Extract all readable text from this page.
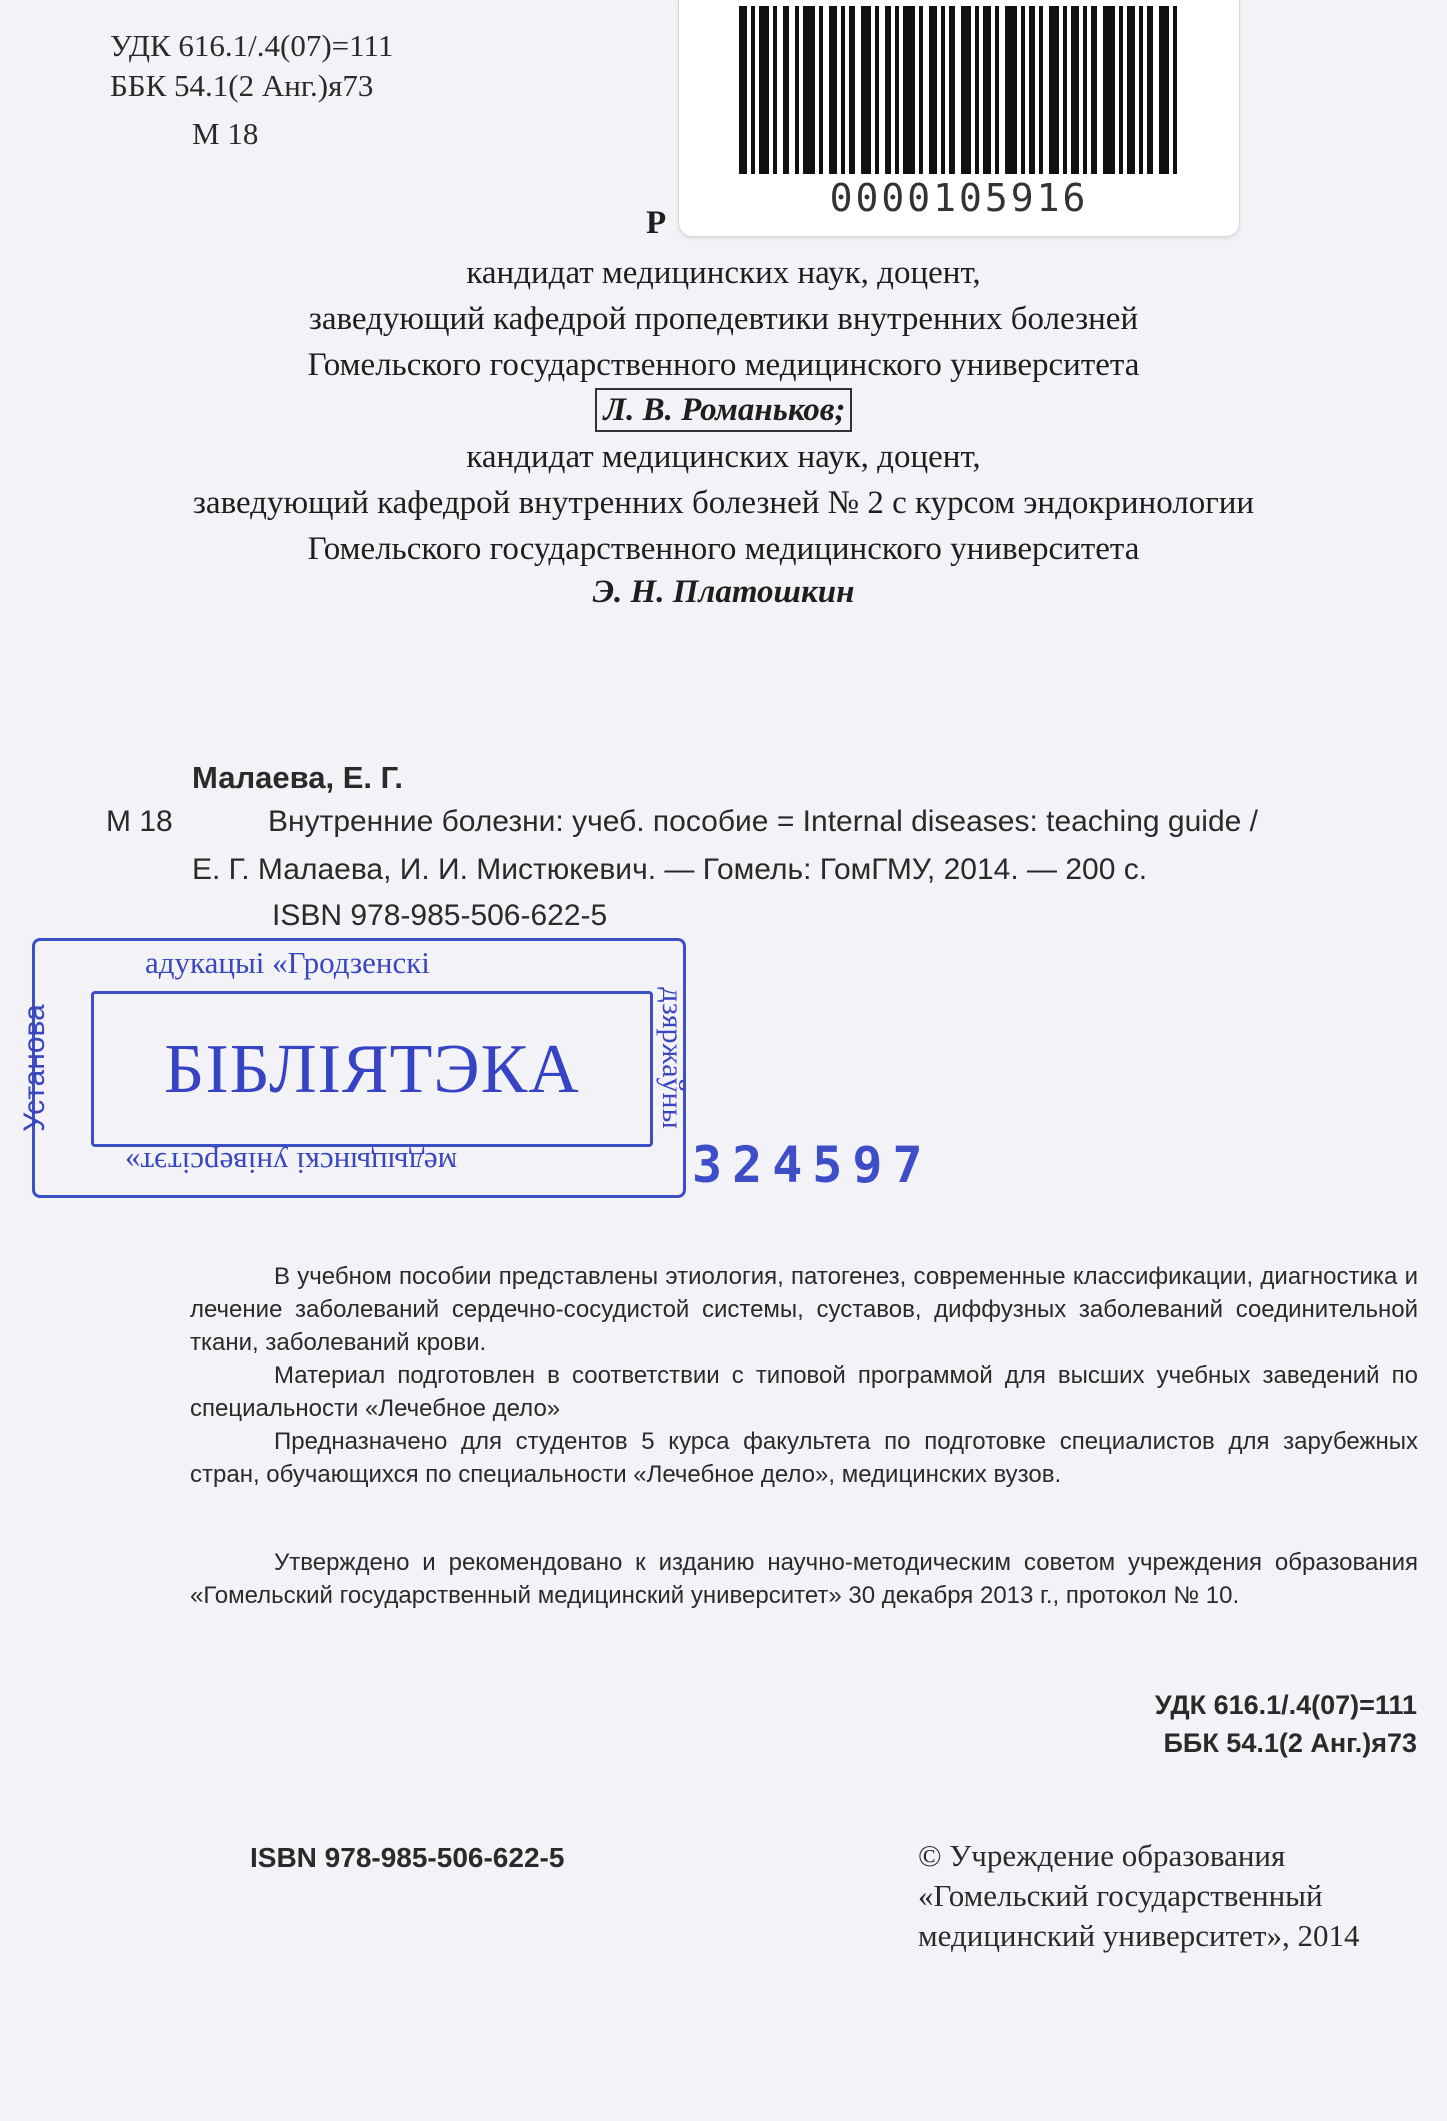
УДК 616.1/.4(07)=111
ББК 54.1(2 Анг.)я73
М 18
0000105916
Р
кандидат медицинских наук, доцент,
заведующий кафедрой пропедевтики внутренних болезней
Гомельского государственного медицинского университета
Л. В. Романьков;
кандидат медицинских наук, доцент,
заведующий кафедрой внутренних болезней № 2 с курсом эндокринологии
Гомельского государственного медицинского университета
Э. Н. Платошкин
Малаева, Е. Г.
М 18	Внутренние болезни: учеб. пособие = Internal diseases: teaching guide /
Е. Г. Малаева, И. И. Мистюкевич. — Гомель: ГомГМУ, 2014. — 200 с.
ISBN 978-985-506-622-5
адукацыі «Гродзенскі
Установа	дзяржаўны
БІБЛІЯТЭКА
медыцынскі універсітэт»	324597

В учебном пособии представлены этиология, патогенез, современные классификации, диагностика и лечение заболеваний сердечно-сосудистой системы, суставов, диффузных заболеваний соединительной ткани, заболеваний крови.

Материал подготовлен в соответствии с типовой программой для высших учебных заведений по специальности «Лечебное дело»

Предназначено для студентов 5 курса факультета по подготовке специалистов для зарубежных стран, обучающихся по специальности «Лечебное дело», медицинских вузов.

Утверждено и рекомендовано к изданию научно-методическим советом учреждения образования «Гомельский государственный медицинский университет» 30 декабря 2013 г., протокол № 10.

УДК 616.1/.4(07)=111
ББК 54.1(2 Анг.)я73
ISBN 978-985-506-622-5	© Учреждение образования
«Гомельский государственный
медицинский университет», 2014
